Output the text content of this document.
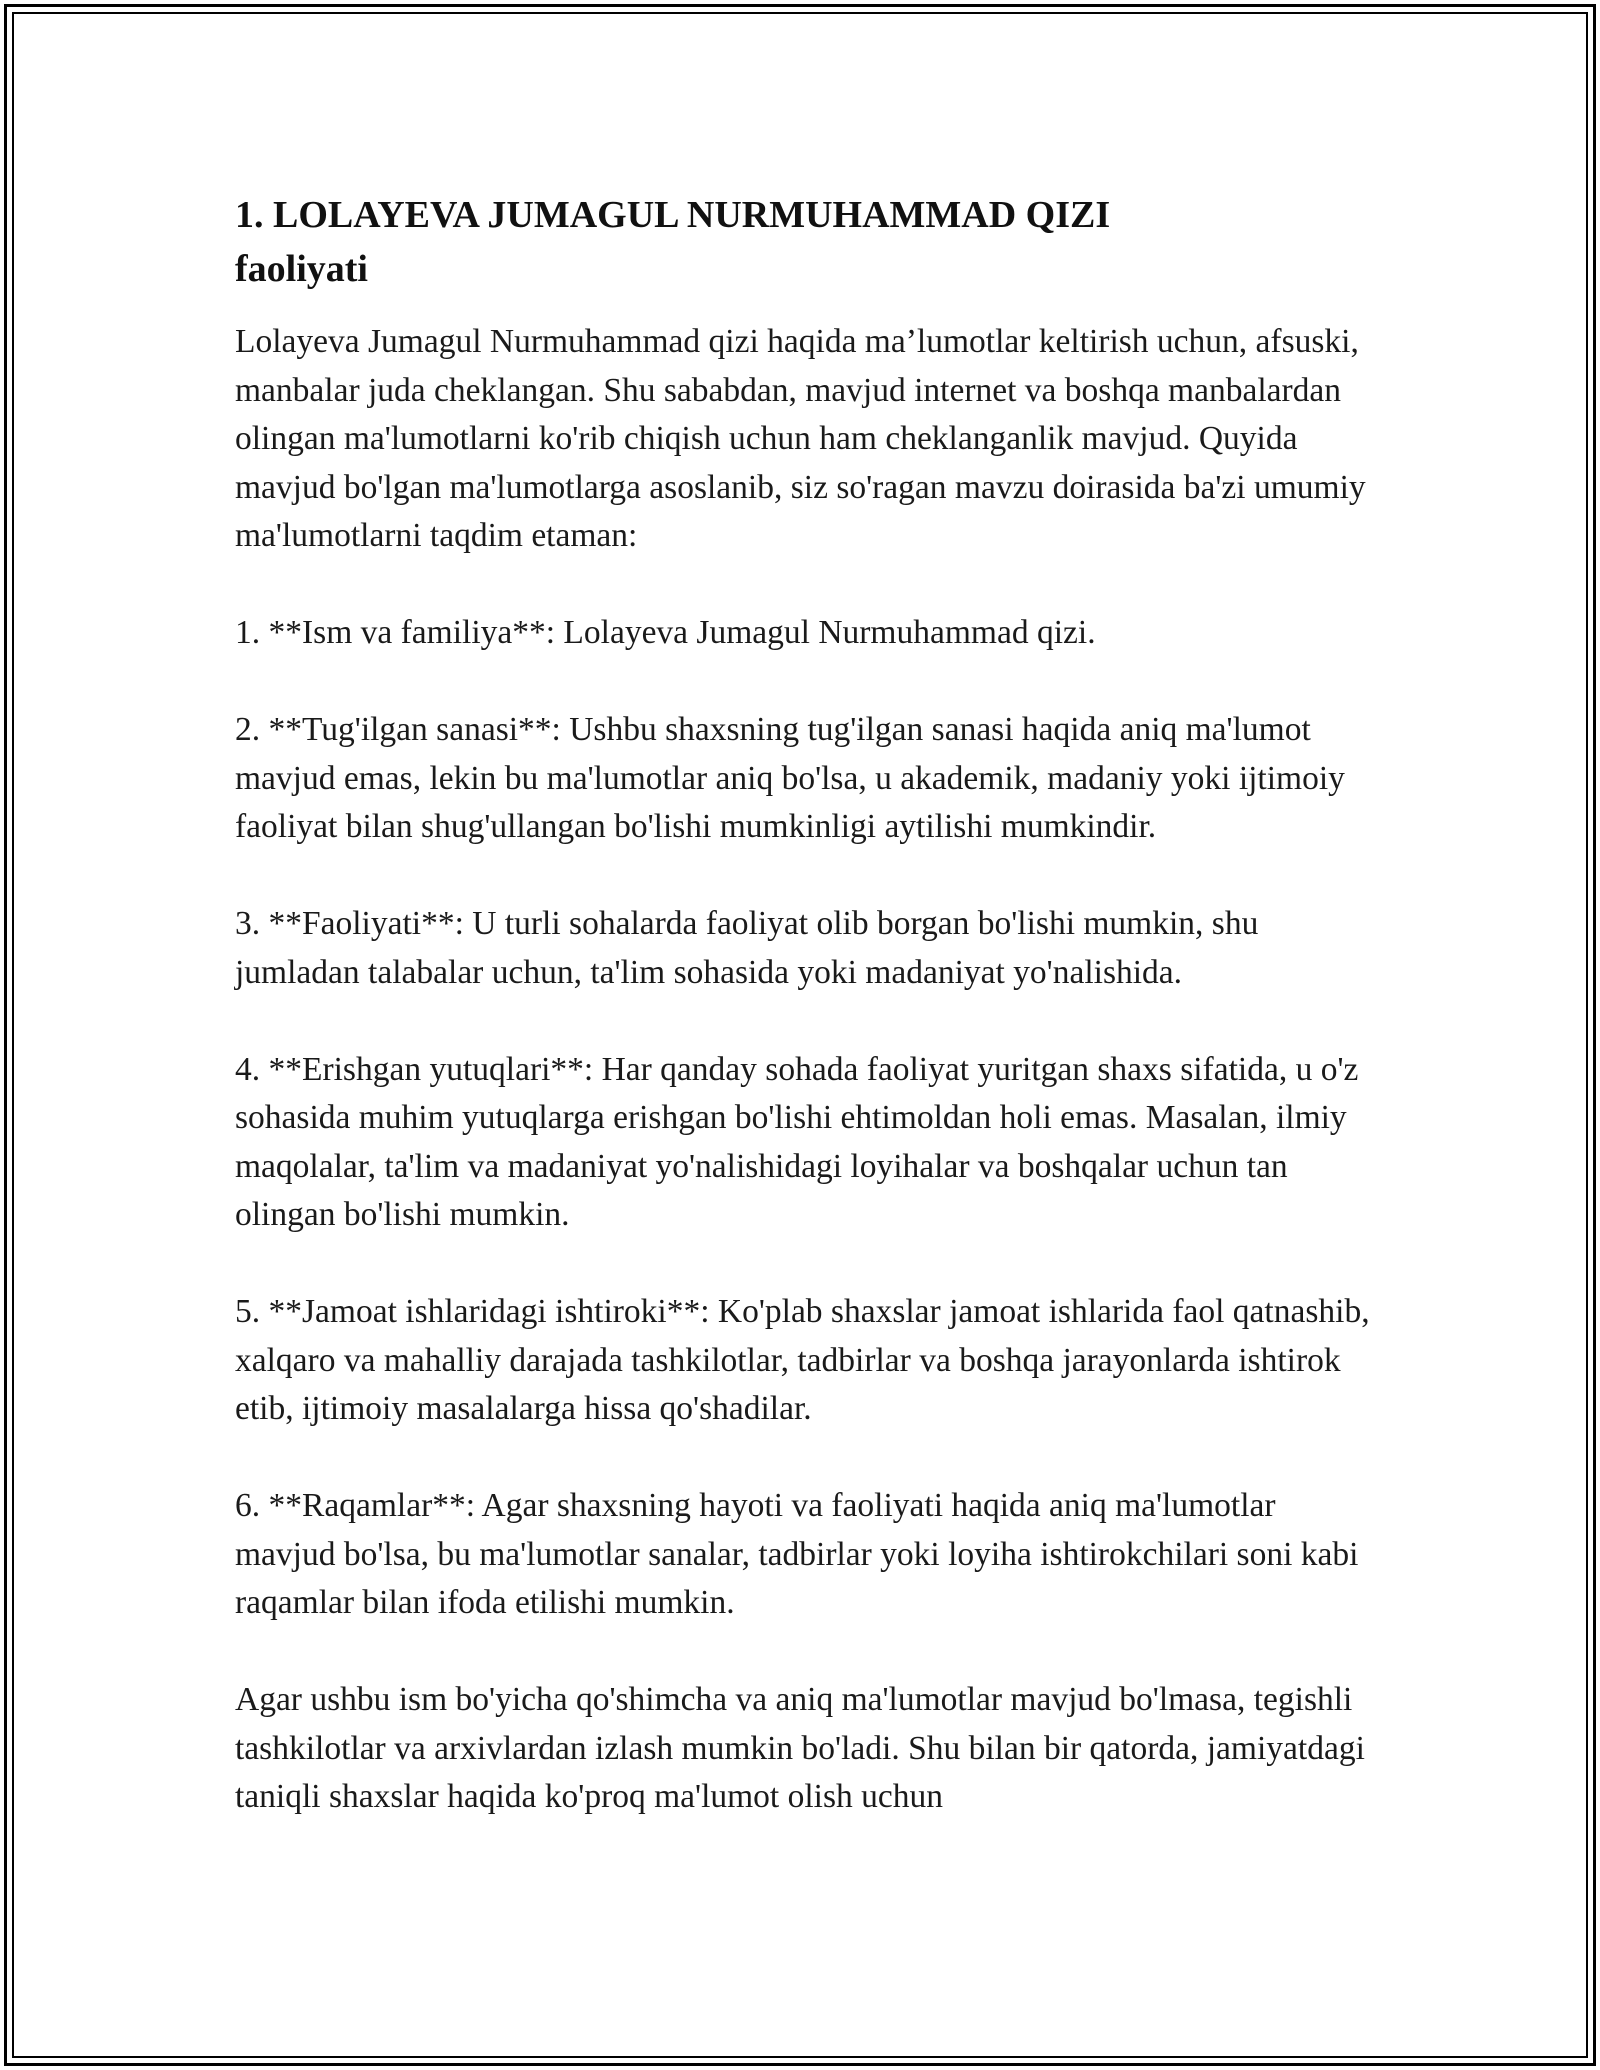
1. LOLAYEVA JUMAGUL NURMUHAMMAD QIZI
faoliyati

Lolayeva Jumagul Nurmuhammad qizi haqida ma’lumotlar keltirish uchun, afsuski, manbalar juda cheklangan. Shu sababdan, mavjud internet va boshqa manbalardan olingan ma'lumotlarni ko'rib chiqish uchun ham cheklanganlik mavjud. Quyida mavjud bo'lgan ma'lumotlarga asoslanib, siz so'ragan mavzu doirasida ba'zi umumiy ma'lumotlarni taqdim etaman:

1. **Ism va familiya**: Lolayeva Jumagul Nurmuhammad qizi.

2. **Tug'ilgan sanasi**: Ushbu shaxsning tug'ilgan sanasi haqida aniq ma'lumot mavjud emas, lekin bu ma'lumotlar aniq bo'lsa, u akademik, madaniy yoki ijtimoiy faoliyat bilan shug'ullangan bo'lishi mumkinligi aytilishi mumkindir.

3. **Faoliyati**: U turli sohalarda faoliyat olib borgan bo'lishi mumkin, shu jumladan talabalar uchun, ta'lim sohasida yoki madaniyat yo'nalishida.

4. **Erishgan yutuqlari**: Har qanday sohada faoliyat yuritgan shaxs sifatida, u o'z sohasida muhim yutuqlarga erishgan bo'lishi ehtimoldan holi emas. Masalan, ilmiy maqolalar, ta'lim va madaniyat yo'nalishidagi loyihalar va boshqalar uchun tan olingan bo'lishi mumkin.

5. **Jamoat ishlaridagi ishtiroki**: Ko'plab shaxslar jamoat ishlarida faol qatnashib, xalqaro va mahalliy darajada tashkilotlar, tadbirlar va boshqa jarayonlarda ishtirok etib, ijtimoiy masalalarga hissa qo'shadilar.

6. **Raqamlar**: Agar shaxsning hayoti va faoliyati haqida aniq ma'lumotlar mavjud bo'lsa, bu ma'lumotlar sanalar, tadbirlar yoki loyiha ishtirokchilari soni kabi raqamlar bilan ifoda etilishi mumkin.

Agar ushbu ism bo'yicha qo'shimcha va aniq ma'lumotlar mavjud bo'lmasa, tegishli tashkilotlar va arxivlardan izlash mumkin bo'ladi. Shu bilan bir qatorda, jamiyatdagi taniqli shaxslar haqida ko'proq ma'lumot olish uchun
